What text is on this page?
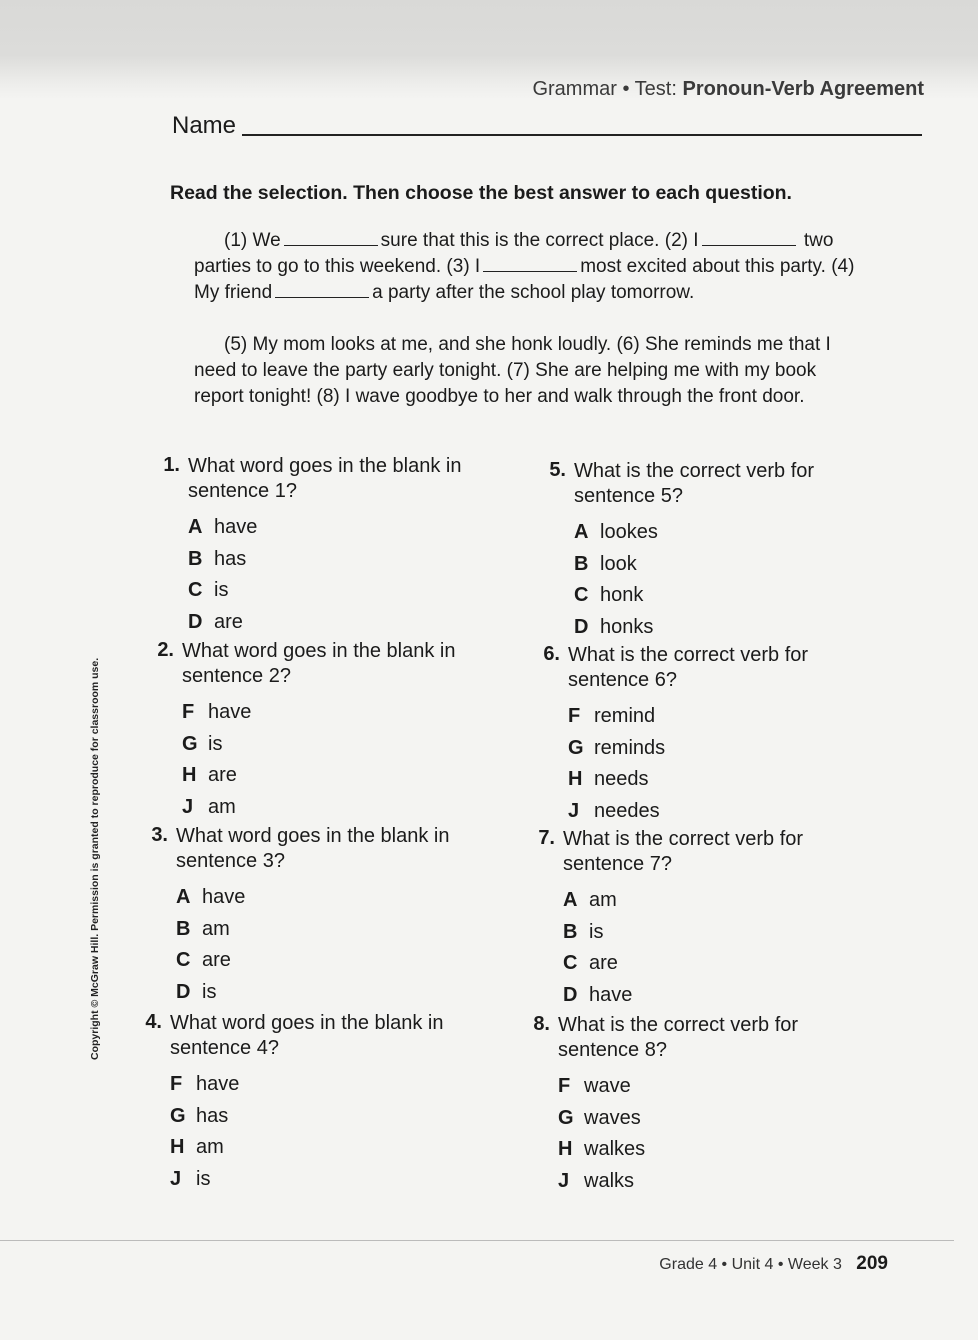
Grammar • Test: Pronoun-Verb Agreement
Name
Read the selection. Then choose the best answer to each question.

(1) We	sure that this is the correct place. (2) I	two parties to go to this weekend. (3) I	most excited about this party. (4) My friend	a party after the school play tomorrow.

(5) My mom looks at me, and she honk loudly. (6) She reminds me that I need to leave the party early tonight. (7) She are helping me with my book report tonight! (8) I wave goodbye to her and walk through the front door.

1. What word goes in the blank in sentence 1?
A have
B has
C is
D are
2. What word goes in the blank in sentence 2?
F have
G is
H are
J am
3. What word goes in the blank in sentence 3?
A have
B am
C are
D is
4. What word goes in the blank in sentence 4?
F have
G has
H am
J is
5. What is the correct verb for sentence 5?
A lookes
B look
C honk
D honks
6. What is the correct verb for sentence 6?
F remind
G reminds
H needs
J needes
7. What is the correct verb for sentence 7?
A am
B is
C are
D have
8. What is the correct verb for sentence 8?
F wave
G waves
H walkes
J walks
Copyright © McGraw Hill. Permission is granted to reproduce for classroom use.
Grade 4 • Unit 4 • Week 3 209
